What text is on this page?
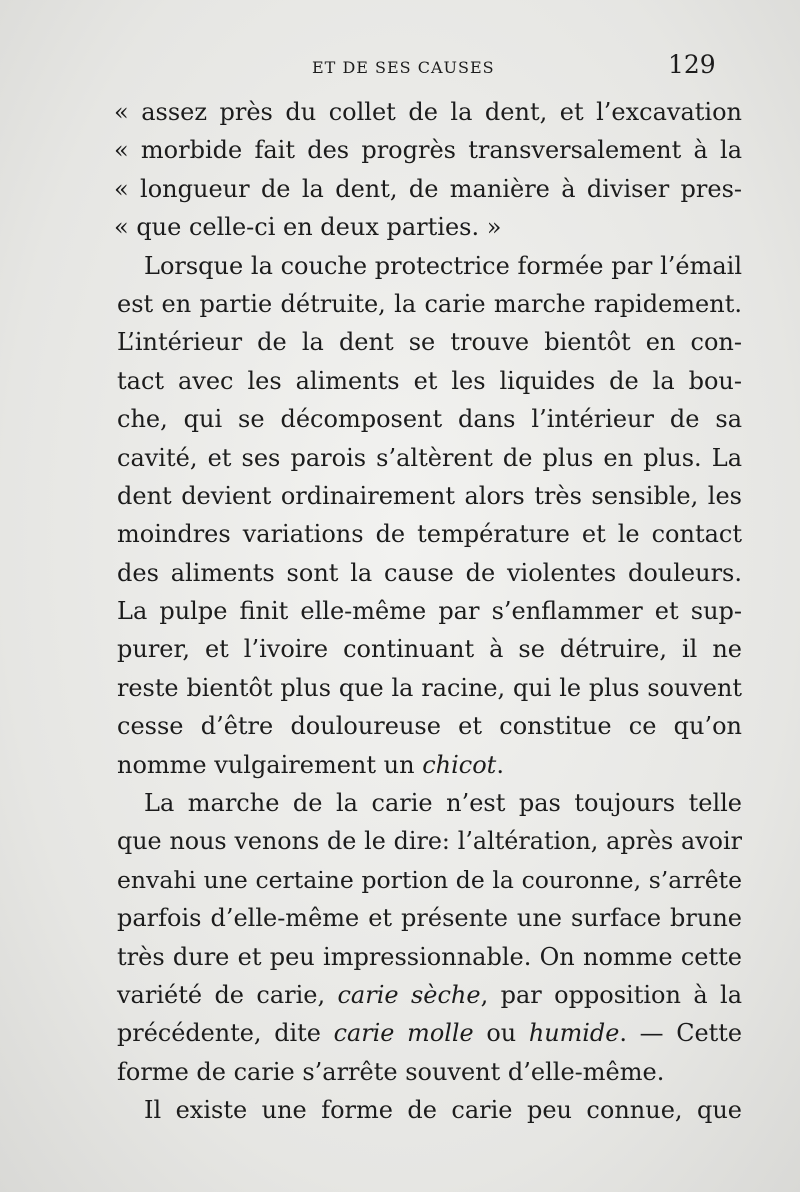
ET DE SES CAUSES	129
« assez près du collet de la dent, et l’excavation
« morbide fait des progrès transversalement à la
« longueur de la dent, de manière à diviser pres-
« que celle-ci en deux parties. »
Lorsque la couche protectrice formée par l’émail
est en partie détruite, la carie marche rapidement.
L’intérieur de la dent se trouve bientôt en con-
tact avec les aliments et les liquides de la bou-
che, qui se décomposent dans l’intérieur de sa
cavité, et ses parois s’altèrent de plus en plus. La
dent devient ordinairement alors très sensible, les
moindres variations de température et le contact
des aliments sont la cause de violentes douleurs.
La pulpe finit elle-même par s’enflammer et sup-
purer, et l’ivoire continuant à se détruire, il ne
reste bientôt plus que la racine, qui le plus souvent
cesse d’être douloureuse et constitue ce qu’on
nomme vulgairement un chicot.
La marche de la carie n’est pas toujours telle
que nous venons de le dire: l’altération, après avoir
envahi une certaine portion de la couronne, s’arrête
parfois d’elle-même et présente une surface brune
très dure et peu impressionnable. On nomme cette
variété de carie, carie sèche, par opposition à la
précédente, dite carie molle ou humide. — Cette
forme de carie s’arrête souvent d’elle-même.
Il existe une forme de carie peu connue, que
